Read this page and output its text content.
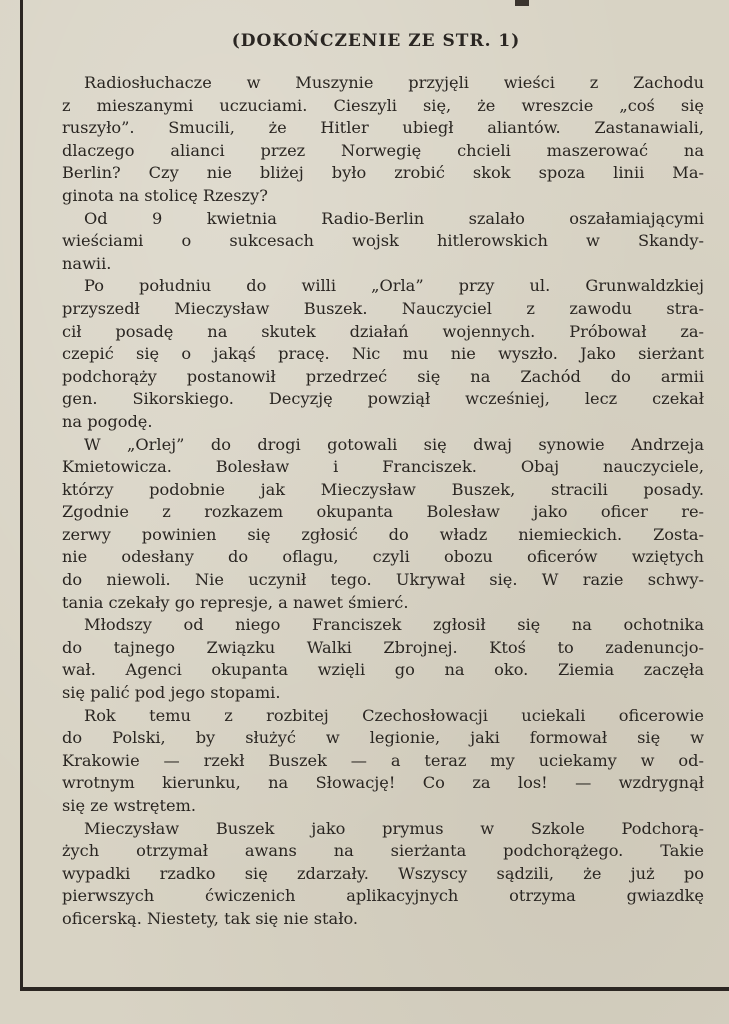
(DOKOŃCZENIE ZE STR. 1)
Radiosłuchacze w Muszynie przyjęli wieści z Zachodu
z mieszanymi uczuciami. Cieszyli się, że wreszcie „coś się
ruszyło”. Smucili, że Hitler ubiegł aliantów. Zastanawiali,
dlaczego alianci przez Norwegię chcieli maszerować na
Berlin? Czy nie bliżej było zrobić skok spoza linii Ma-
ginota na stolicę Rzeszy?
Od 9 kwietnia Radio-Berlin szalało oszałamiającymi
wieściami o sukcesach wojsk hitlerowskich w Skandy-
nawii.
Po południu do willi „Orla” przy ul. Grunwaldzkiej
przyszedł Mieczysław Buszek. Nauczyciel z zawodu stra-
cił posadę na skutek działań wojennych. Próbował za-
czepić się o jakąś pracę. Nic mu nie wyszło. Jako sierżant
podchorąży postanowił przedrzeć się na Zachód do armii
gen. Sikorskiego. Decyzję powziął wcześniej, lecz czekał
na pogodę.
W „Orlej” do drogi gotowali się dwaj synowie Andrzeja
Kmietowicza. Bolesław i Franciszek. Obaj nauczyciele,
którzy podobnie jak Mieczysław Buszek, stracili posady.
Zgodnie z rozkazem okupanta Bolesław jako oficer re-
zerwy powinien się zgłosić do władz niemieckich. Zosta-
nie odesłany do oflagu, czyli obozu oficerów wziętych
do niewoli. Nie uczynił tego. Ukrywał się. W razie schwy-
tania czekały go represje, a nawet śmierć.
Młodszy od niego Franciszek zgłosił się na ochotnika
do tajnego Związku Walki Zbrojnej. Ktoś to zadenuncjo-
wał. Agenci okupanta wzięli go na oko. Ziemia zaczęła
się palić pod jego stopami.
Rok temu z rozbitej Czechosłowacji uciekali oficerowie
do Polski, by służyć w legionie, jaki formował się w
Krakowie — rzekł Buszek — a teraz my uciekamy w od-
wrotnym kierunku, na Słowację! Co za los! — wzdrygnął
się ze wstrętem.
Mieczysław Buszek jako prymus w Szkole Podchorą-
żych otrzymał awans na sierżanta podchorążego. Takie
wypadki rzadko się zdarzały. Wszyscy sądzili, że już po
pierwszych ćwiczenich aplikacyjnych otrzyma gwiazdkę
oficerską. Niestety, tak się nie stało.
